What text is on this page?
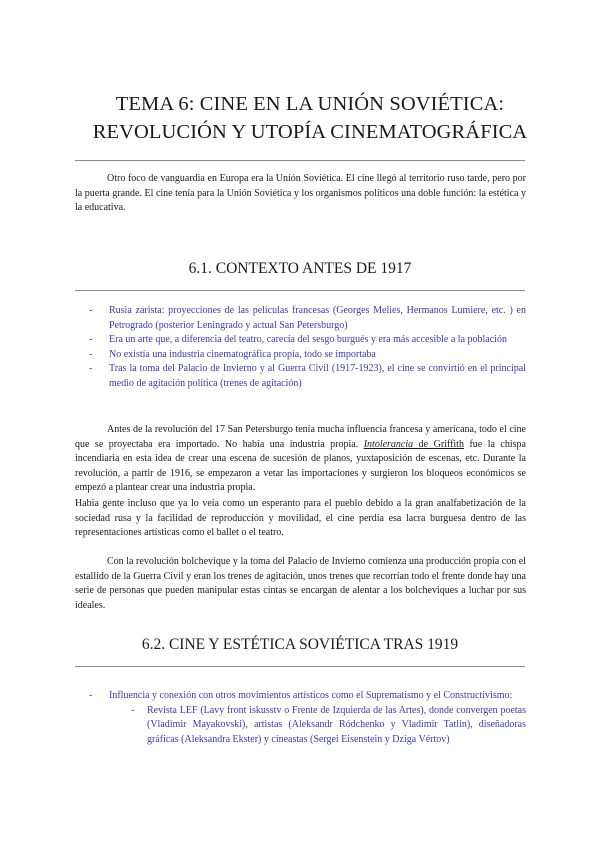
TEMA 6: CINE EN LA UNIÓN SOVIÉTICA:
REVOLUCIÓN Y UTOPÍA CINEMATOGRÁFICA

Otro foco de vanguardia en Europa era la Unión Soviética. El cine llegó al territorio ruso tarde, pero por la puerta grande. El cine tenía para la Unión Soviética y los organismos políticos una doble función: la estética y la educativa.

6.1. CONTEXTO ANTES DE 1917
- Rusia zarista: proyecciones de las películas francesas (Georges Melies, Hermanos Lumiere, etc. ) en Petrogrado (posterior Leningrado y actual San Petersburgo)
- Era un arte que, a diferencia del teatro, carecía del sesgo burgués y era más accesible a la población
- No existía una industria cinematográfica propia, todo se importaba
- Tras la toma del Palacio de Invierno y al Guerra Civil (1917-1923), el cine se convirtió en el principal medio de agitación política (trenes de agitación)

Antes de la revolución del 17 San Petersburgo tenía mucha influencia francesa y americana, todo el cine que se proyectaba era importado. No había una industria propia. Intolerancia de Griffith fue la chispa incendiaria en esta idea de crear una escena de sucesión de planos, yuxtaposición de escenas, etc. Durante la revolución, a partir de 1916, se empezaron a vetar las importaciones y surgieron los bloqueos económicos se empezó a plantear crear una industria propia.

Había gente incluso que ya lo veía como un esperanto para el pueblo debido a la gran analfabetización de la sociedad rusa y la facilidad de reproducción y movilidad, el cine perdía esa lacra burguesa dentro de las representaciones artísticas como el ballet o el teatro.

Con la revolución bolchevique y la toma del Palacio de Invierno comienza una producción propia con el estallido de la Guerra Civil y eran los trenes de agitación, unos trenes que recorrían todo el frente donde hay una serie de personas que pueden manipular estas cintas se encargan de alentar a los bolcheviques a luchar por sus ideales.

6.2. CINE Y ESTÉTICA SOVIÉTICA TRAS 1919
- Influencia y conexión con otros movimientos artísticos como el Suprematismo y el Constructivismo:
- Revista LEF (Lavy front iskusstv o Frente de Izquierda de las Artes), donde convergen poetas (Vladimir Mayakovski), artistas (Aleksandr Ródchenko y Vladimir Tatlin), diseñadoras gráficas (Aleksandra Ekster) y cineastas (Sergei Eisenstein y Dziga Vértov)
